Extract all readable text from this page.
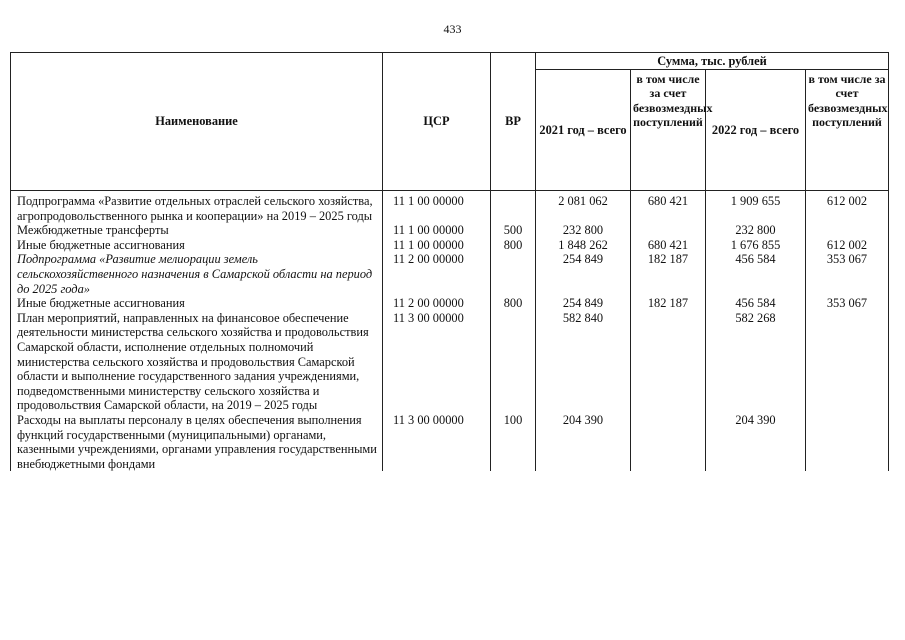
433
Наименование	ЦСР	ВР	Сумма, тыс. рублей			
			2021 год – всего	в том числе за счет безвозмездных поступлений	2022 год – всего	в том числе за счет безвозмездных поступлений
Подпрограмма «Развитие отдельных отраслей сельского хозяйства, агропродовольственного рынка и кооперации» на 2019 – 2025 годы	11 1 00 00000		2 081 062	680 421	1 909 655	612 002
Межбюджетные трансферты	11 1 00 00000	500	232 800		232 800	
Иные бюджетные ассигнования	11 1 00 00000	800	1 848 262	680 421	1 676 855	612 002
Подпрограмма «Развитие мелиорации земель сельскохозяйственного назначения в Самарской области на период до 2025 года»	11 2 00 00000		254 849	182 187	456 584	353 067
Иные бюджетные ассигнования	11 2 00 00000	800	254 849	182 187	456 584	353 067
План мероприятий, направленных на финансовое обеспечение деятельности министерства сельского хозяйства и продовольствия Самарской области, исполнение отдельных полномочий министерства сельского хозяйства и продовольствия Самарской области и выполнение государственного задания учреждениями, подведомственными министерству сельского хозяйства и продовольствия Самарской области, на 2019 – 2025 годы	11 3 00 00000		582 840		582 268	
Расходы на выплаты персоналу в целях обеспечения выполнения функций государственными (муниципальными) органами, казенными учреждениями, органами управления государственными внебюджетными фондами	11 3 00 00000	100	204 390		204 390	
